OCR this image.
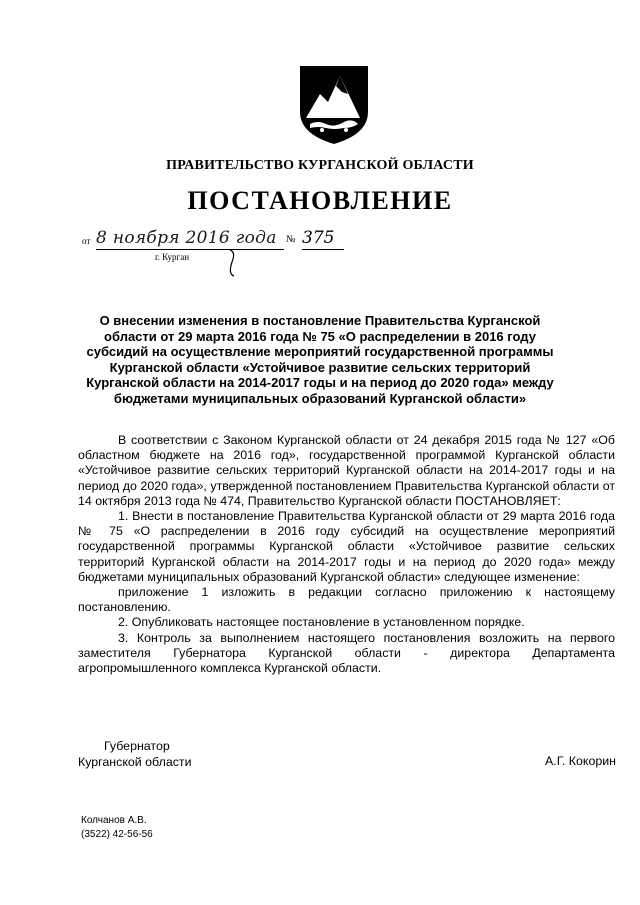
ПРАВИТЕЛЬСТВО КУРГАНСКОЙ ОБЛАСТИ
ПОСТАНОВЛЕНИЕ
от 8 ноября 2016 года № 375
г. Курган
О внесении изменения в постановление Правительства Курганской области от 29 марта 2016 года № 75 «О распределении в 2016 году субсидий на осуществление мероприятий государственной программы Курганской области «Устойчивое развитие сельских территорий Курганской области на 2014-2017 годы и на период до 2020 года» между бюджетами муниципальных образований Курганской области»

В соответствии с Законом Курганской области от 24 декабря 2015 года № 127 «Об областном бюджете на 2016 год», государственной программой Курганской области «Устойчивое развитие сельских территорий Курганской области на 2014-2017 годы и на период до 2020 года», утвержденной постановлением Правительства Курганской области от 14 октября 2013 года № 474, Правительство Курганской области ПОСТАНОВЛЯЕТ:

1. Внести в постановление Правительства Курганской области от 29 марта 2016 года № 75 «О распределении в 2016 году субсидий на осуществление мероприятий государственной программы Курганской области «Устойчивое развитие сельских территорий Курганской области на 2014-2017 годы и на период до 2020 года» между бюджетами муниципальных образований Курганской области» следующее изменение:

приложение 1 изложить в редакции согласно приложению к настоящему постановлению.

2. Опубликовать настоящее постановление в установленном порядке.

3. Контроль за выполнением настоящего постановления возложить на первого заместителя Губернатора Курганской области - директора Департамента агропромышленного комплекса Курганской области.

Губернатор
Курганской области	А.Г. Кокорин
Колчанов А.В.
(3522) 42-56-56
